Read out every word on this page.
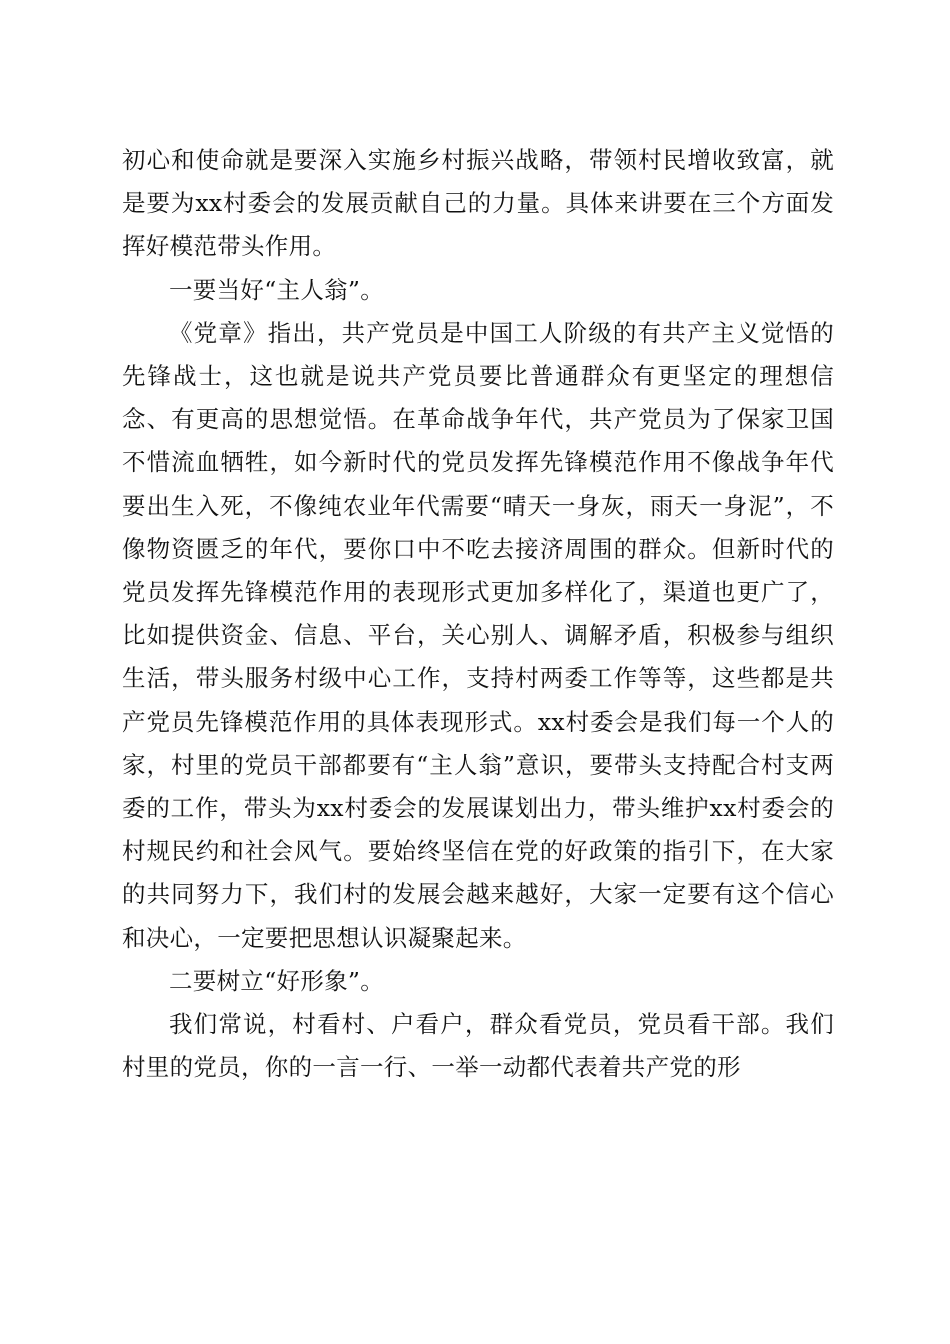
初心和使命就是要深入实施乡村振兴战略，带领村民增收致富，就是要为xx村委会的发展贡献自己的力量。具体来讲要在三个方面发挥好模范带头作用。

一要当好“主人翁”。

《党章》指出，共产党员是中国工人阶级的有共产主义觉悟的先锋战士，这也就是说共产党员要比普通群众有更坚定的理想信念、有更高的思想觉悟。在革命战争年代，共产党员为了保家卫国不惜流血牺牲，如今新时代的党员发挥先锋模范作用不像战争年代要出生入死，不像纯农业年代需要“晴天一身灰，雨天一身泥”，不像物资匮乏的年代，要你口中不吃去接济周围的群众。但新时代的党员发挥先锋模范作用的表现形式更加多样化了，渠道也更广了，比如提供资金、信息、平台，关心别人、调解矛盾，积极参与组织生活，带头服务村级中心工作，支持村两委工作等等，这些都是共产党员先锋模范作用的具体表现形式。xx村委会是我们每一个人的家，村里的党员干部都要有“主人翁”意识，要带头支持配合村支两委的工作，带头为xx村委会的发展谋划出力，带头维护xx村委会的村规民约和社会风气。要始终坚信在党的好政策的指引下，在大家的共同努力下，我们村的发展会越来越好，大家一定要有这个信心和决心，一定要把思想认识凝聚起来。

二要树立“好形象”。

我们常说，村看村、户看户，群众看党员，党员看干部。我们村里的党员，你的一言一行、一举一动都代表着共产党的形
